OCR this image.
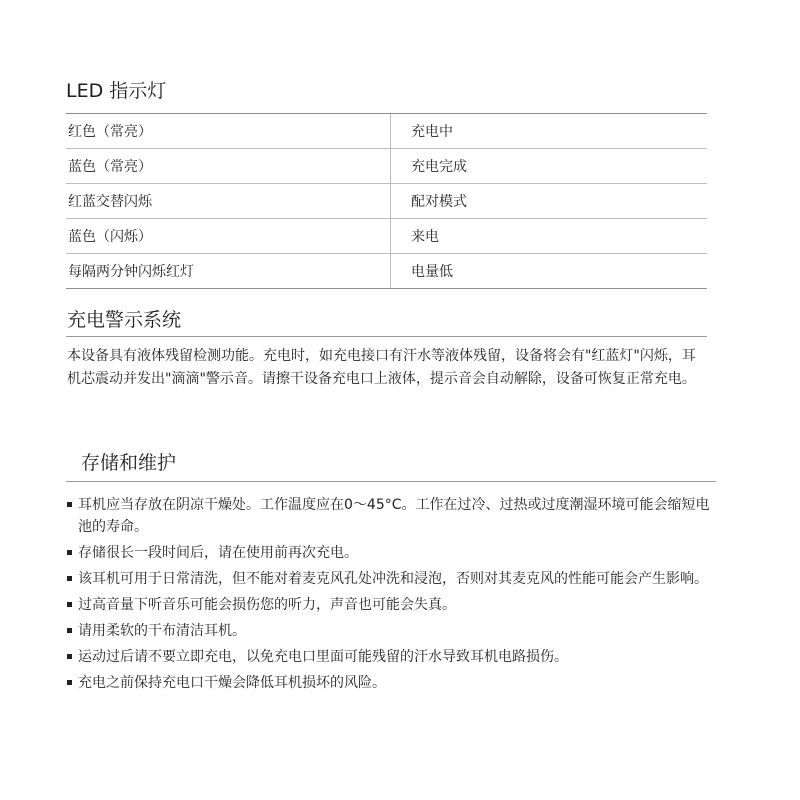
LED 指示灯
红色（常亮）	充电中
蓝色（常亮）	充电完成
红蓝交替闪烁	配对模式
蓝色（闪烁）	来电
每隔两分钟闪烁红灯	电量低
充电警示系统

本设备具有液体残留检测功能。充电时，如充电接口有汗水等液体残留，设备将会有"红蓝灯"闪烁，耳机芯震动并发出"滴滴"警示音。请擦干设备充电口上液体，提示音会自动解除，设备可恢复正常充电。

存储和维护
耳机应当存放在阴凉干燥处。工作温度应在0～45°C。工作在过冷、过热或过度潮湿环境可能会缩短电池的寿命。
存储很长一段时间后，请在使用前再次充电。
该耳机可用于日常清洗，但不能对着麦克风孔处冲洗和浸泡，否则对其麦克风的性能可能会产生影响。
过高音量下听音乐可能会损伤您的听力，声音也可能会失真。
请用柔软的干布清洁耳机。
运动过后请不要立即充电，以免充电口里面可能残留的汗水导致耳机电路损伤。
充电之前保持充电口干燥会降低耳机损坏的风险。
